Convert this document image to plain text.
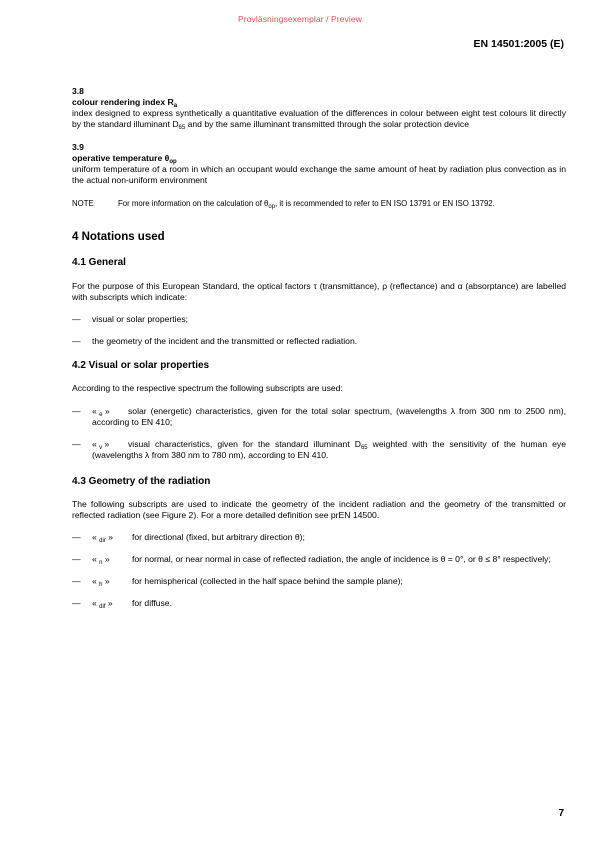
Provläsningsexemplar / Preview
EN 14501:2005 (E)
3.8
colour rendering index $R_a$

index designed to express synthetically a quantitative evaluation of the differences in colour between eight test colours lit directly by the standard illuminant $D_{65}$ and by the same illuminant transmitted through the solar protection device

3.9
operative temperature $\theta_{op}$

uniform temperature of a room in which an occupant would exchange the same amount of heat by radiation plus convection as in the actual non-uniform environment

NOTE	For more information on the calculation of $\theta_{op}$, it is recommended to refer to EN ISO 13791 or EN ISO 13792.
4 Notations used
4.1 General

For the purpose of this European Standard, the optical factors τ (transmittance), ρ (reflectance) and α (absorptance) are labelled with subscripts which indicate:

—	visual or solar properties;
—	the geometry of the incident and the transmitted or reflected radiation.
4.2 Visual or solar properties

According to the respective spectrum the following subscripts are used:

—	« $_e$ » solar (energetic) characteristics, given for the total solar spectrum, (wavelengths λ from 300 nm to 2500 nm), according to EN 410;
—	« $_v$ » visual characteristics, given for the standard illuminant $D_{65}$ weighted with the sensitivity of the human eye (wavelengths λ from 380 nm to 780 nm), according to EN 410.
4.3 Geometry of the radiation

The following subscripts are used to indicate the geometry of the incident radiation and the geometry of the transmitted or reflected radiation (see Figure 2). For a more detailed definition see prEN 14500.

—	« $_{dir}$ » for directional (fixed, but arbitrary direction θ);
—	« $_n$ »	for normal, or near normal in case of reflected radiation, the angle of incidence is θ = 0°, or θ ≤ 8° respectively;
—	« $_h$ »	for hemispherical (collected in the half space behind the sample plane);
—	« $_{dif}$ » for diffuse.
7
